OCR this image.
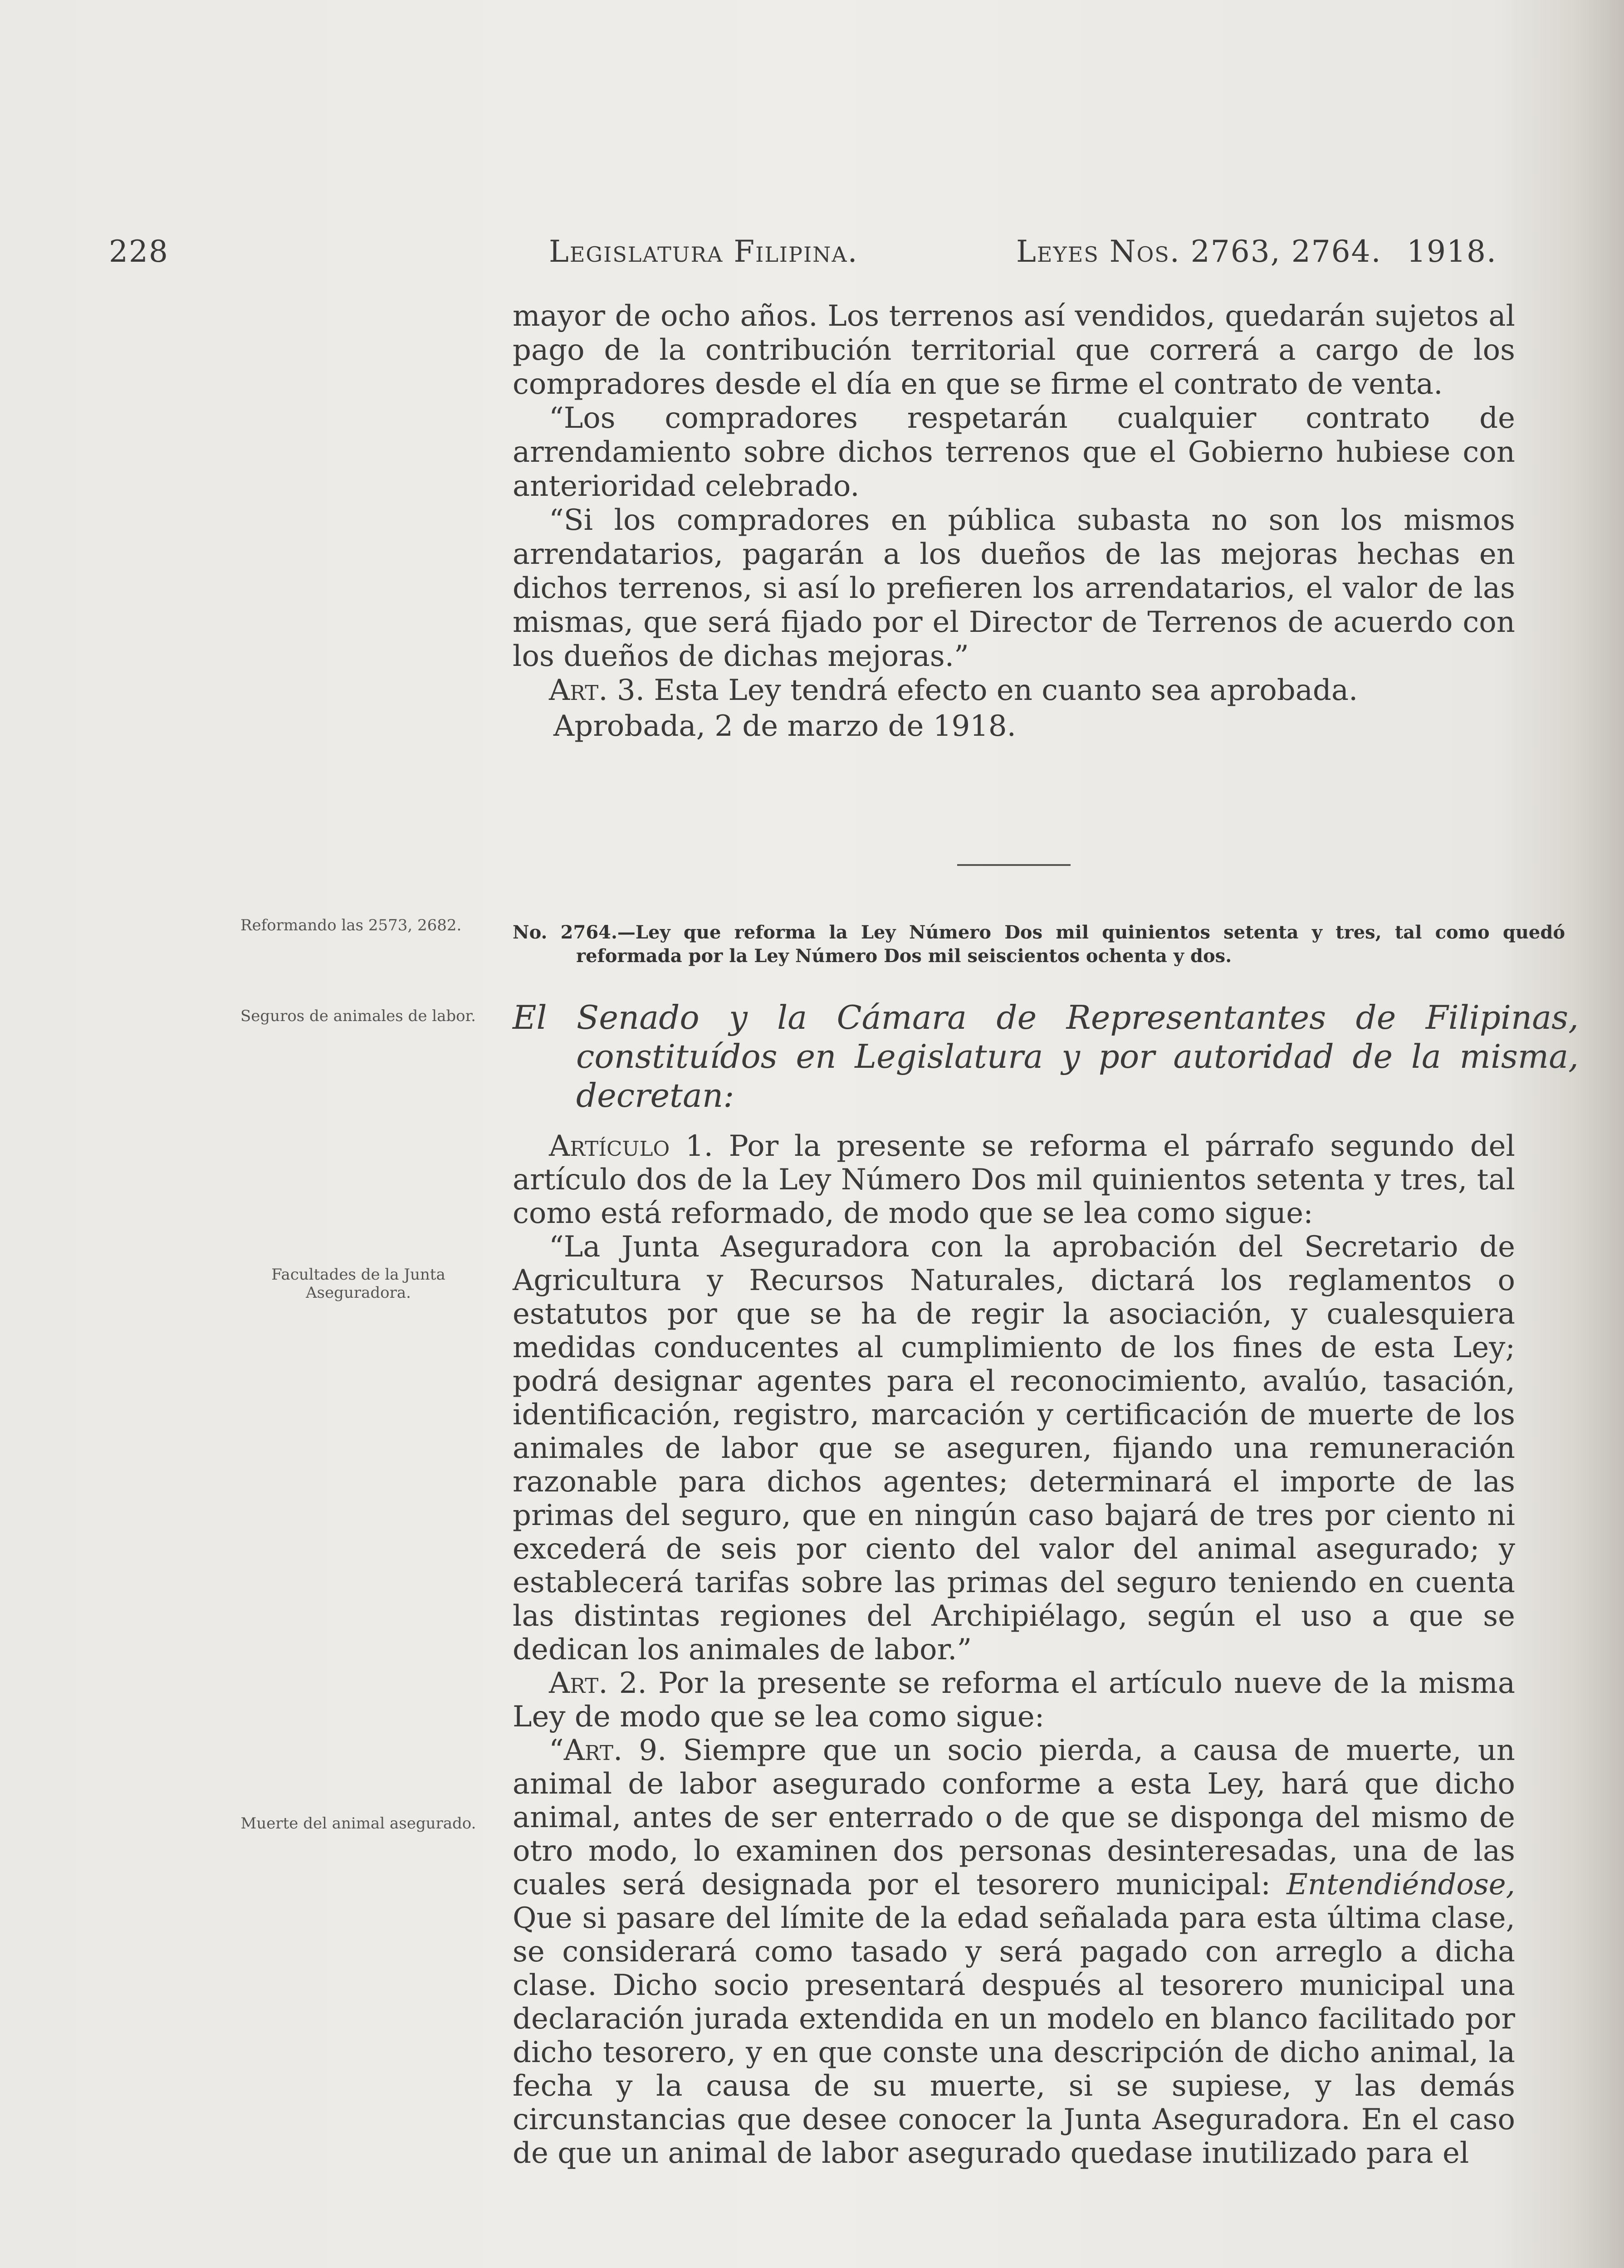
228	Legislatura Filipina.	Leyes Nos. 2763, 2764. 1918.

mayor de ocho años. Los terrenos así vendidos, quedarán sujetos al pago de la contribución territorial que correrá a cargo de los compradores desde el día en que se firme el contrato de venta.

“Los compradores respetarán cualquier contrato de arrendamiento sobre dichos terrenos que el Gobierno hubiese con anterioridad celebrado.

“Si los compradores en pública subasta no son los mismos arrendatarios, pagarán a los dueños de las mejoras hechas en dichos terrenos, si así lo prefieren los arrendatarios, el valor de las mismas, que será fijado por el Director de Terrenos de acuerdo con los dueños de dichas mejoras.”

Art. 3. Esta Ley tendrá efecto en cuanto sea aprobada.

Aprobada, 2 de marzo de 1918.

Reformando las 2573, 2682.
Seguros de animales de labor.
Facultades de la Junta Aseguradora.
Muerte del animal asegurado.
No. 2764.—Ley que reforma la Ley Número Dos mil quinientos setenta y tres, tal como quedó reformada por la Ley Número Dos mil seiscientos ochenta y dos.
El Senado y la Cámara de Representantes de Filipinas, constituídos en Legislatura y por autoridad de la misma, decretan:

Artículo 1. Por la presente se reforma el párrafo segundo del artículo dos de la Ley Número Dos mil quinientos setenta y tres, tal como está reformado, de modo que se lea como sigue:

“La Junta Aseguradora con la aprobación del Secretario de Agricultura y Recursos Naturales, dictará los reglamentos o estatutos por que se ha de regir la asociación, y cualesquiera medidas conducentes al cumplimiento de los fines de esta Ley; podrá designar agentes para el reconocimiento, avalúo, tasación, identificación, registro, marcación y certificación de muerte de los animales de labor que se aseguren, fijando una remuneración razonable para dichos agentes; determinará el importe de las primas del seguro, que en ningún caso bajará de tres por ciento ni excederá de seis por ciento del valor del animal asegurado; y establecerá tarifas sobre las primas del seguro teniendo en cuenta las distintas regiones del Archipiélago, según el uso a que se dedican los animales de labor.”

Art. 2. Por la presente se reforma el artículo nueve de la misma Ley de modo que se lea como sigue:

“Art. 9. Siempre que un socio pierda, a causa de muerte, un animal de labor asegurado conforme a esta Ley, hará que dicho animal, antes de ser enterrado o de que se disponga del mismo de otro modo, lo examinen dos personas desinteresadas, una de las cuales será designada por el tesorero municipal: Entendiéndose, Que si pasare del límite de la edad señalada para esta última clase, se considerará como tasado y será pagado con arreglo a dicha clase. Dicho socio presentará después al tesorero municipal una declaración jurada extendida en un modelo en blanco facilitado por dicho tesorero, y en que conste una descripción de dicho animal, la fecha y la causa de su muerte, si se supiese, y las demás circunstancias que desee conocer la Junta Aseguradora. En el caso de que un animal de labor asegurado quedase inutilizado para el
